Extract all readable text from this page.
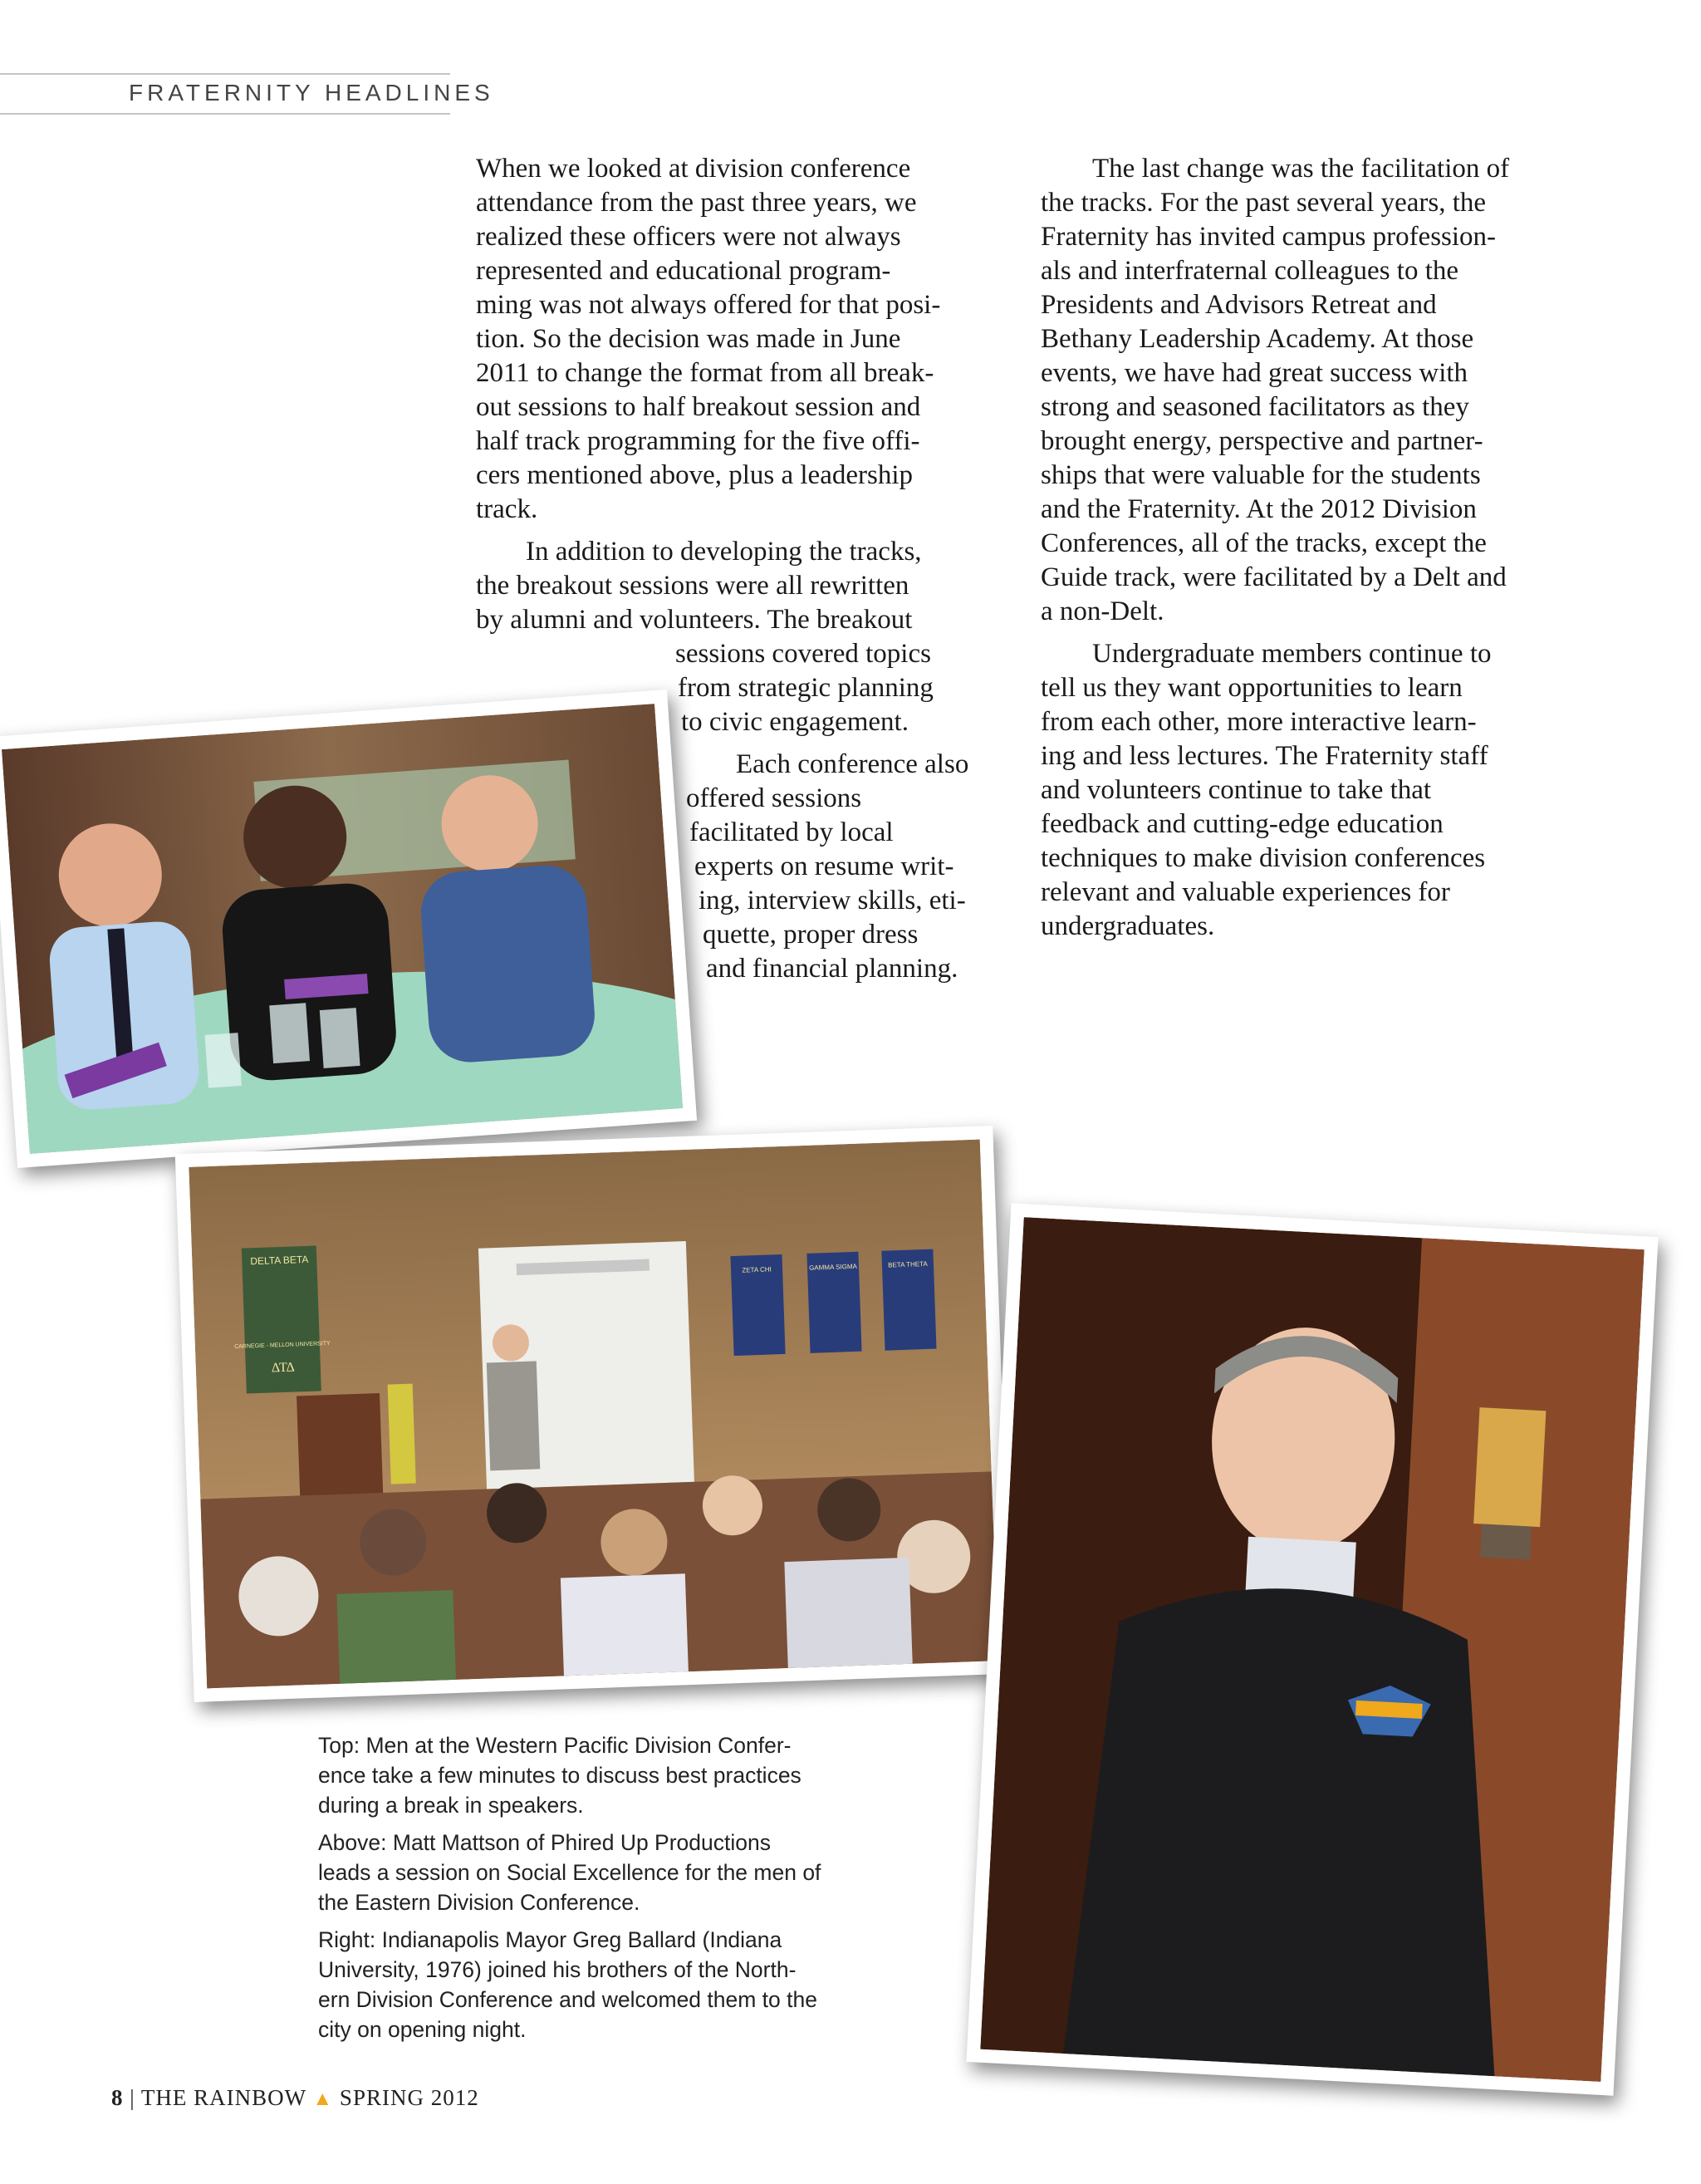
FRATERNITY HEADLINES

When we looked at division conference
attendance from the past three years, we
realized these officers were not always
represented and educational program-
ming was not always offered for that posi-
tion. So the decision was made in June
2011 to change the format from all break-
out sessions to half breakout session and
half track programming for the five offi-
cers mentioned above, plus a leadership
track.

In addition to developing the tracks,
the breakout sessions were all rewritten
by alumni and volunteers. The breakout
sessions covered topics
from strategic planning
to civic engagement.

Each conference also
offered sessions
facilitated by local
experts on resume writ-
ing, interview skills, eti-
quette, proper dress
and financial planning.

The last change was the facilitation of
the tracks. For the past several years, the
Fraternity has invited campus profession-
als and interfraternal colleagues to the
Presidents and Advisors Retreat and
Bethany Leadership Academy. At those
events, we have had great success with
strong and seasoned facilitators as they
brought energy, perspective and partner-
ships that were valuable for the students
and the Fraternity. At the 2012 Division
Conferences, all of the tracks, except the
Guide track, were facilitated by a Delt and
a non-Delt.

Undergraduate members continue to
tell us they want opportunities to learn
from each other, more interactive learn-
ing and less lectures. The Fraternity staff
and volunteers continue to take that
feedback and cutting-edge education
techniques to make division conferences
relevant and valuable experiences for
undergraduates.

DELTA BETA
CARNEGIE - MELLON UNIVERSITY
ΔΤΔ
ZETA CHI	GAMMA SIGMA	BETA THETA

Top: Men at the Western Pacific Division Confer-
ence take a few minutes to discuss best practices
during a break in speakers.

Above: Matt Mattson of Phired Up Productions
leads a session on Social Excellence for the men of
the Eastern Division Conference.

Right: Indianapolis Mayor Greg Ballard (Indiana
University, 1976) joined his brothers of the North-
ern Division Conference and welcomed them to the
city on opening night.

8 | THE RAINBOW ▲ SPRING 2012
